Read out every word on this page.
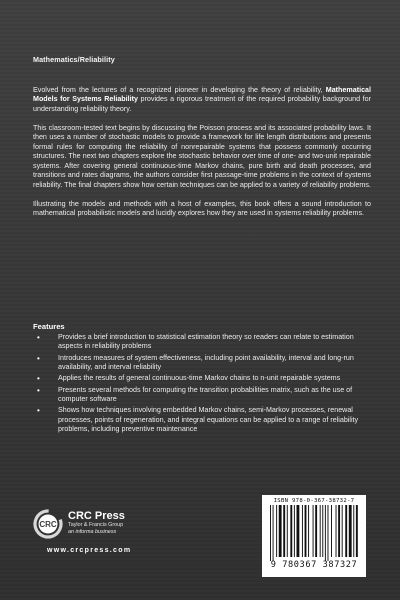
Mathematics/Reliability

Evolved from the lectures of a recognized pioneer in developing the theory of reliability, Mathematical Models for Systems Reliability provides a rigorous treatment of the required probability background for understanding reliability theory.

This classroom-tested text begins by discussing the Poisson process and its associated probability laws. It then uses a number of stochastic models to provide a framework for life length distributions and presents formal rules for computing the reliability of nonrepairable systems that possess commonly occurring structures. The next two chapters explore the stochastic behavior over time of one- and two-unit repairable systems. After covering general continuous-time Markov chains, pure birth and death processes, and transitions and rates diagrams, the authors consider first passage-time problems in the context of systems reliability. The final chapters show how certain techniques can be applied to a variety of reliability problems.

Illustrating the models and methods with a host of examples, this book offers a sound introduction to mathematical probabilistic models and lucidly explores how they are used in systems reliability problems.

Features
•	Provides a brief introduction to statistical estimation theory so readers can relate to estimation aspects in reliability problems
•	Introduces measures of system effectiveness, including point availability, interval and long-run availability, and interval reliability
•	Applies the results of general continuous-time Markov chains to n-unit repairable systems
•	Presents several methods for computing the transition probabilities matrix, such as the use of computer software
•	Shows how techniques involving embedded Markov chains, semi-Markov processes, renewal processes, points of regeneration, and integral equations can be applied to a range of reliability problems, including preventive maintenance
CRC
CRC Press
Taylor & Francis Group
an informa business
www.crcpress.com
ISBN 978-0-367-38732-7
9 780367 387327
